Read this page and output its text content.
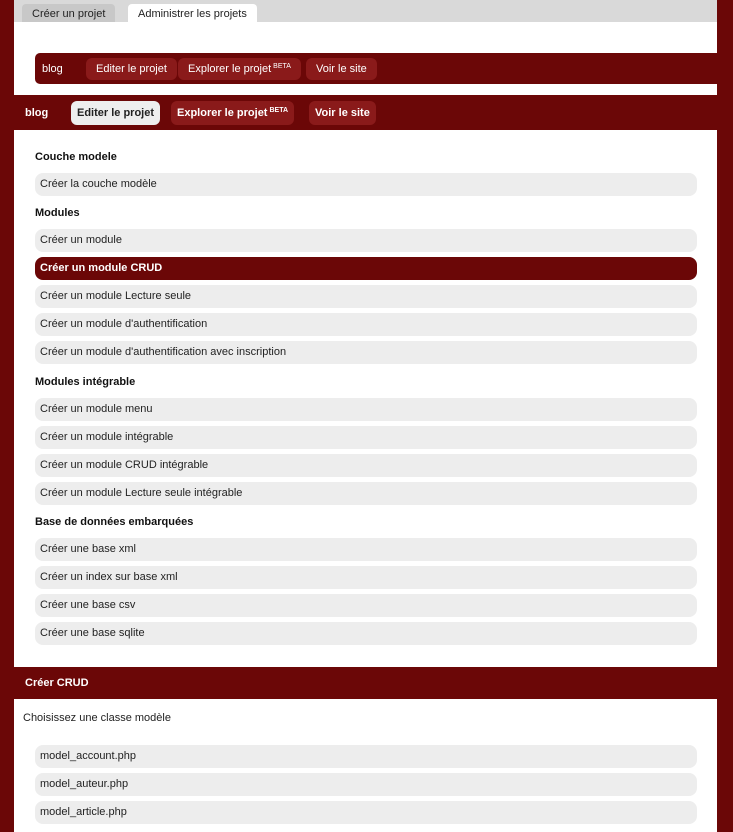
Créer un projet	Administrer les projets
blog	Editer le projet	Explorer le projet $^{BETA}$	Voir le site
blog	Editer le projet	Explorer le projet $^{BETA}$	Voir le site
Couche modele
Créer la couche modèle
Modules
Créer un module
Créer un module CRUD
Créer un module Lecture seule
Créer un module d'authentification
Créer un module d'authentification avec inscription
Modules intégrable
Créer un module menu
Créer un module intégrable
Créer un module CRUD intégrable
Créer un module Lecture seule intégrable
Base de données embarquées
Créer une base xml
Créer un index sur base xml
Créer une base csv
Créer une base sqlite
Créer CRUD
Choisissez une classe modèle
model_account.php
model_auteur.php
model_article.php
